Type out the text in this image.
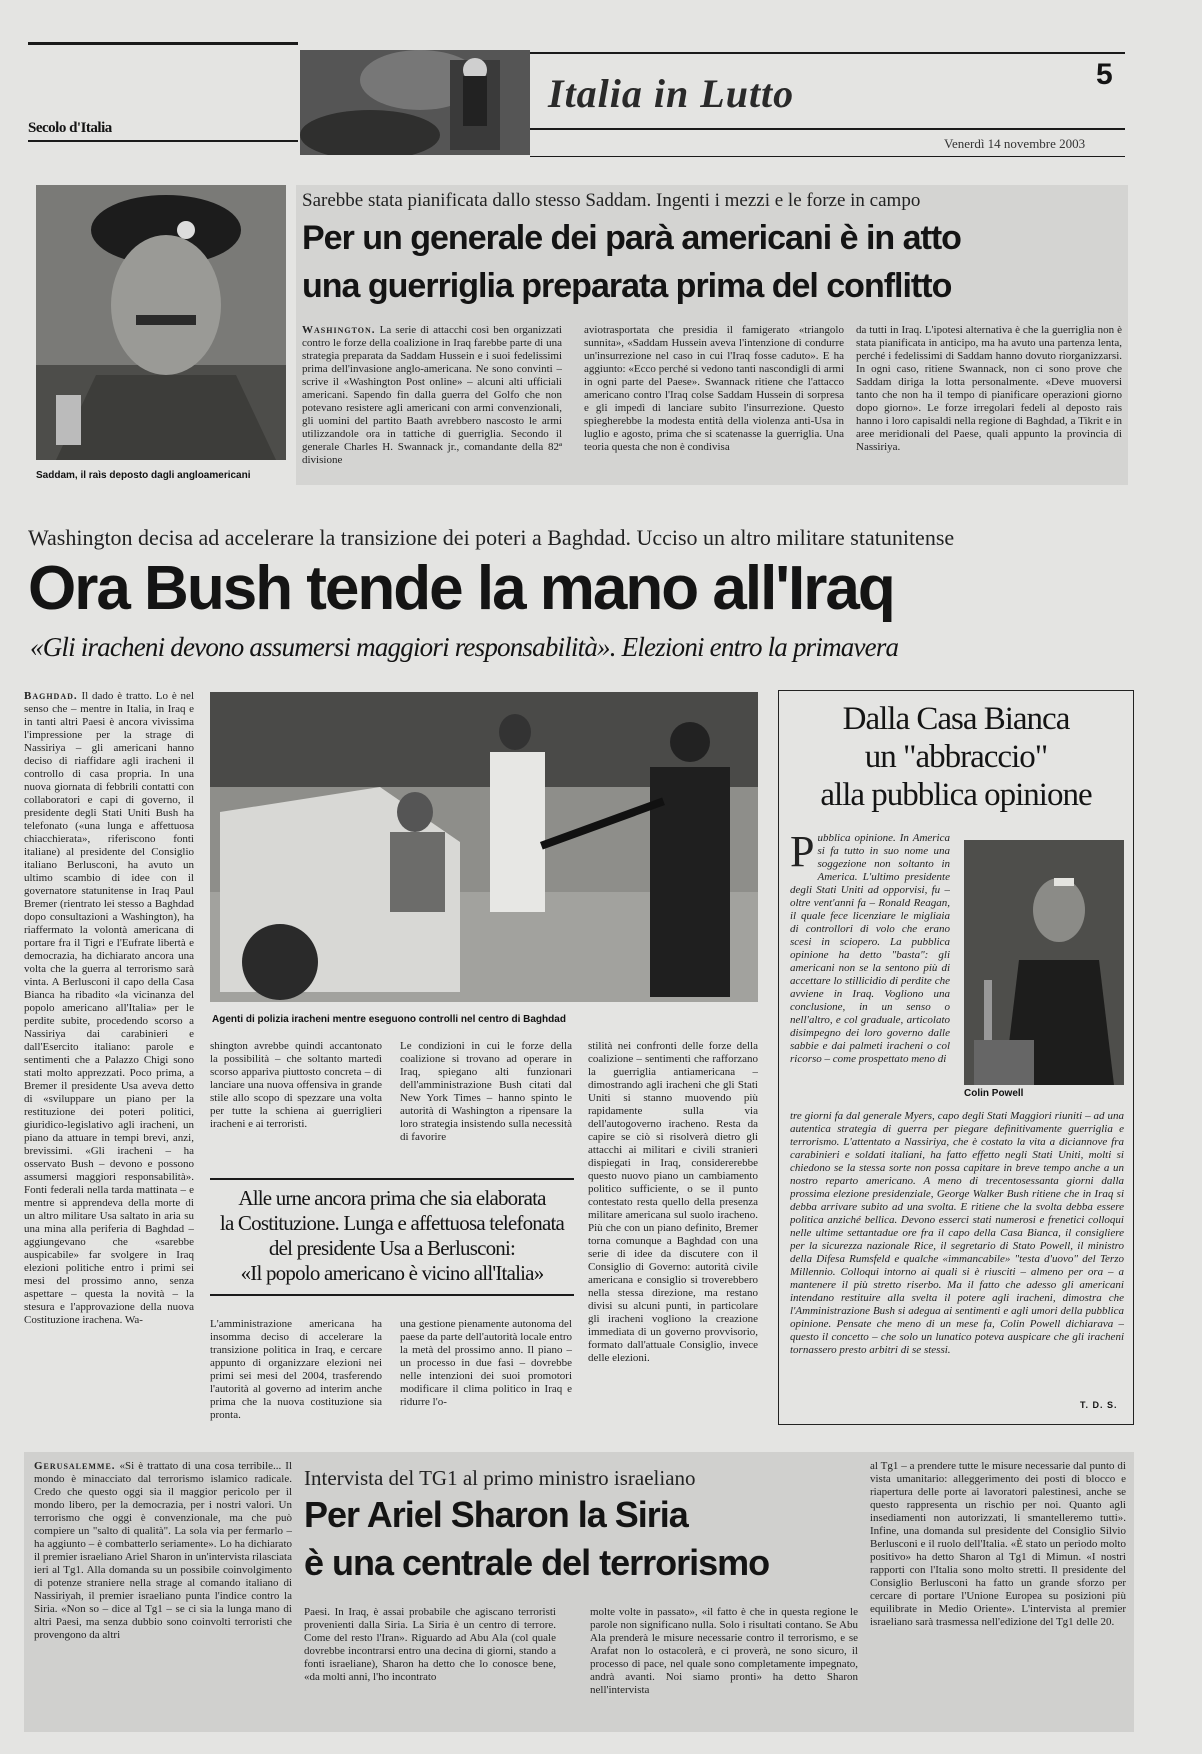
Secolo d'Italia
Italia in Lutto	5
Venerdì 14 novembre 2003
Saddam, il raìs deposto dagli angloamericani
Sarebbe stata pianificata dallo stesso Saddam. Ingenti i mezzi e le forze in campo
Per un generale dei parà americani è in atto
una guerriglia preparata prima del conflitto
Washington. La serie di attacchi così ben organizzati contro le forze della coalizione in Iraq farebbe parte di una strategia preparata da Saddam Hussein e i suoi fedelissimi prima dell'invasione anglo-americana. Ne sono convinti – scrive il «Washington Post online» – alcuni alti ufficiali americani. Sapendo fin dalla guerra del Golfo che non potevano resistere agli americani con armi convenzionali, gli uomini del partito Baath avrebbero nascosto le armi utilizzandole ora in tattiche di guerriglia. Secondo il generale Charles H. Swannack jr., comandante della 82ª divisione
aviotrasportata che presidia il famigerato «triangolo sunnita», «Saddam Hussein aveva l'intenzione di condurre un'insurrezione nel caso in cui l'Iraq fosse caduto». E ha aggiunto: «Ecco perché si vedono tanti nascondigli di armi in ogni parte del Paese». Swannack ritiene che l'attacco americano contro l'Iraq colse Saddam Hussein di sorpresa e gli impedì di lanciare subito l'insurrezione. Questo spiegherebbe la modesta entità della violenza anti-Usa in luglio e agosto, prima che si scatenasse la guerriglia. Una teoria questa che non è condivisa
da tutti in Iraq. L'ipotesi alternativa è che la guerriglia non è stata pianificata in anticipo, ma ha avuto una partenza lenta, perché i fedelissimi di Saddam hanno dovuto riorganizzarsi. In ogni caso, ritiene Swannack, non ci sono prove che Saddam diriga la lotta personalmente. «Deve muoversi tanto che non ha il tempo di pianificare operazioni giorno dopo giorno». Le forze irregolari fedeli al deposto raìs hanno i loro capisaldi nella regione di Baghdad, a Tikrit e in aree meridionali del Paese, quali appunto la provincia di Nassiriya.
Washington decisa ad accelerare la transizione dei poteri a Baghdad. Ucciso un altro militare statunitense
Ora Bush tende la mano all'Iraq
«Gli iracheni devono assumersi maggiori responsabilità». Elezioni entro la primavera
Baghdad. Il dado è tratto. Lo è nel senso che – mentre in Italia, in Iraq e in tanti altri Paesi è ancora vivissima l'impressione per la strage di Nassiriya – gli americani hanno deciso di riaffidare agli iracheni il controllo di casa propria. In una nuova giornata di febbrili contatti con collaboratori e capi di governo, il presidente degli Stati Uniti Bush ha telefonato («una lunga e affettuosa chiacchierata», riferiscono fonti italiane) al presidente del Consiglio italiano Berlusconi, ha avuto un ultimo scambio di idee con il governatore statunitense in Iraq Paul Bremer (rientrato lei stesso a Baghdad dopo consultazioni a Washington), ha riaffermato la volontà americana di portare fra il Tigri e l'Eufrate libertà e democrazia, ha dichiarato ancora una volta che la guerra al terrorismo sarà vinta. A Berlusconi il capo della Casa Bianca ha ribadito «la vicinanza del popolo americano all'Italia» per le perdite subite, procedendo scorso a Nassiriya dai carabinieri e dall'Esercito italiano: parole e sentimenti che a Palazzo Chigi sono stati molto apprezzati. Poco prima, a Bremer il presidente Usa aveva detto di «sviluppare un piano per la restituzione dei poteri politici, giuridico-legislativo agli iracheni, un piano da attuare in tempi brevi, anzi, brevissimi. «Gli iracheni – ha osservato Bush – devono e possono assumersi maggiori responsabilità». Fonti federali nella tarda mattinata – e mentre si apprendeva della morte di un altro militare Usa saltato in aria su una mina alla periferia di Baghdad – aggiungevano che «sarebbe auspicabile» far svolgere in Iraq elezioni politiche entro i primi sei mesi del prossimo anno, senza aspettare – questa la novità – la stesura e l'approvazione della nuova Costituzione irachena. Wa-
Agenti di polizia iracheni mentre eseguono controlli nel centro di Baghdad
shington avrebbe quindi accantonato la possibilità – che soltanto martedì scorso appariva piuttosto concreta – di lanciare una nuova offensiva in grande stile allo scopo di spezzare una volta per tutte la schiena ai guerriglieri iracheni e ai terroristi.
Le condizioni in cui le forze della coalizione si trovano ad operare in Iraq, spiegano alti funzionari dell'amministrazione Bush citati dal New York Times – hanno spinto le autorità di Washington a ripensare la loro strategia insistendo sulla necessità di favorire
stilità nei confronti delle forze della coalizione – sentimenti che rafforzano la guerriglia antiamericana – dimostrando agli iracheni che gli Stati Uniti si stanno muovendo più rapidamente sulla via dell'autogoverno iracheno. Resta da capire se ciò si risolverà dietro gli attacchi ai militari e civili stranieri dispiegati in Iraq, considererebbe questo nuovo piano un cambiamento politico sufficiente, o se il punto contestato resta quello della presenza militare americana sul suolo iracheno. Più che con un piano definito, Bremer torna comunque a Baghdad con una serie di idee da discutere con il Consiglio di Governo: autorità civile americana e consiglio si troverebbero nella stessa direzione, ma restano divisi su alcuni punti, in particolare gli iracheni vogliono la creazione immediata di un governo provvisorio, formato dall'attuale Consiglio, invece delle elezioni.
Alle urne ancora prima che sia elaborata
la Costituzione. Lunga e affettuosa telefonata
del presidente Usa a Berlusconi:
«Il popolo americano è vicino all'Italia»
L'amministrazione americana ha insomma deciso di accelerare la transizione politica in Iraq, e cercare appunto di organizzare elezioni nei primi sei mesi del 2004, trasferendo l'autorità al governo ad interim anche prima che la nuova costituzione sia pronta.
una gestione pienamente autonoma del paese da parte dell'autorità locale entro la metà del prossimo anno. Il piano – un processo in due fasi – dovrebbe nelle intenzioni dei suoi promotori modificare il clima politico in Iraq e ridurre l'o-
Dalla Casa Bianca
un "abbraccio"
alla pubblica opinione
P ubblica opinione. In America si fa tutto in suo nome una soggezione non soltanto in America. L'ultimo presidente degli Stati Uniti ad opporvisi, fu – oltre vent'anni fa – Ronald Reagan, il quale fece licenziare le migliaia di controllori di volo che erano scesi in sciopero. La pubblica opinione ha detto "basta": gli americani non se la sentono più di accettare lo stillicidio di perdite che avviene in Iraq. Vogliono una conclusione, in un senso o nell'altro, e col graduale, articolato disimpegno dei loro governo dalle sabbie e dai palmeti iracheni o col ricorso – come prospettato meno di
Colin Powell
tre giorni fa dal generale Myers, capo degli Stati Maggiori riuniti – ad una autentica strategia di guerra per piegare definitivamente guerriglia e terrorismo. L'attentato a Nassiriya, che è costato la vita a diciannove fra carabinieri e soldati italiani, ha fatto effetto negli Stati Uniti, molti si chiedono se la stessa sorte non possa capitare in breve tempo anche a un nostro reparto americano. A meno di trecentosessanta giorni dalla prossima elezione presidenziale, George Walker Bush ritiene che in Iraq si debba arrivare subito ad una svolta. E ritiene che la svolta debba essere politica anziché bellica. Devono esserci stati numerosi e frenetici colloqui nelle ultime settantadue ore fra il capo della Casa Bianca, il consigliere per la sicurezza nazionale Rice, il segretario di Stato Powell, il ministro della Difesa Rumsfeld e qualche «immancabile» "testa d'uovo" del Terzo Millennio. Colloqui intorno ai quali si è riusciti – almeno per ora – a mantenere il più stretto riserbo. Ma il fatto che adesso gli americani intendano restituire alla svelta il potere agli iracheni, dimostra che l'Amministrazione Bush si adegua ai sentimenti e agli umori della pubblica opinione. Pensate che meno di un mese fa, Colin Powell dichiarava – questo il concetto – che solo un lunatico poteva auspicare che gli iracheni tornassero presto arbitri di se stessi.
T. D. S.
Gerusalemme. «Si è trattato di una cosa terribile... Il mondo è minacciato dal terrorismo islamico radicale. Credo che questo oggi sia il maggior pericolo per il mondo libero, per la democrazia, per i nostri valori. Un terrorismo che oggi è convenzionale, ma che può compiere un "salto di qualità". La sola via per fermarlo – ha aggiunto – è combatterlo seriamente». Lo ha dichiarato il premier israeliano Ariel Sharon in un'intervista rilasciata ieri al Tg1. Alla domanda su un possibile coinvolgimento di potenze straniere nella strage al comando italiano di Nassiriyah, il premier israeliano punta l'indice contro la Siria. «Non so – dice al Tg1 – se ci sia la lunga mano di altri Paesi, ma senza dubbio sono coinvolti terroristi che provengono da altri
Intervista del TG1 al primo ministro israeliano
Per Ariel Sharon la Siria
è una centrale del terrorismo
Paesi. In Iraq, è assai probabile che agiscano terroristi provenienti dalla Siria. La Siria è un centro di terrore. Come del resto l'Iran». Riguardo ad Abu Ala (col quale dovrebbe incontrarsi entro una decina di giorni, stando a fonti israeliane), Sharon ha detto che lo conosce bene, «da molti anni, l'ho incontrato
molte volte in passato», «il fatto è che in questa regione le parole non significano nulla. Solo i risultati contano. Se Abu Ala prenderà le misure necessarie contro il terrorismo, e se Arafat non lo ostacolerà, e ci proverà, ne sono sicuro, il processo di pace, nel quale sono completamente impegnato, andrà avanti. Noi siamo pronti» ha detto Sharon nell'intervista
al Tg1 – a prendere tutte le misure necessarie dal punto di vista umanitario: alleggerimento dei posti di blocco e riapertura delle porte ai lavoratori palestinesi, anche se questo rappresenta un rischio per noi. Quanto agli insediamenti non autorizzati, li smantelleremo tutti». Infine, una domanda sul presidente del Consiglio Silvio Berlusconi e il ruolo dell'Italia. «È stato un periodo molto positivo» ha detto Sharon al Tg1 di Mimun. «I nostri rapporti con l'Italia sono molto stretti. Il presidente del Consiglio Berlusconi ha fatto un grande sforzo per cercare di portare l'Unione Europea su posizioni più equilibrate in Medio Oriente». L'intervista al premier israeliano sarà trasmessa nell'edizione del Tg1 delle 20.
